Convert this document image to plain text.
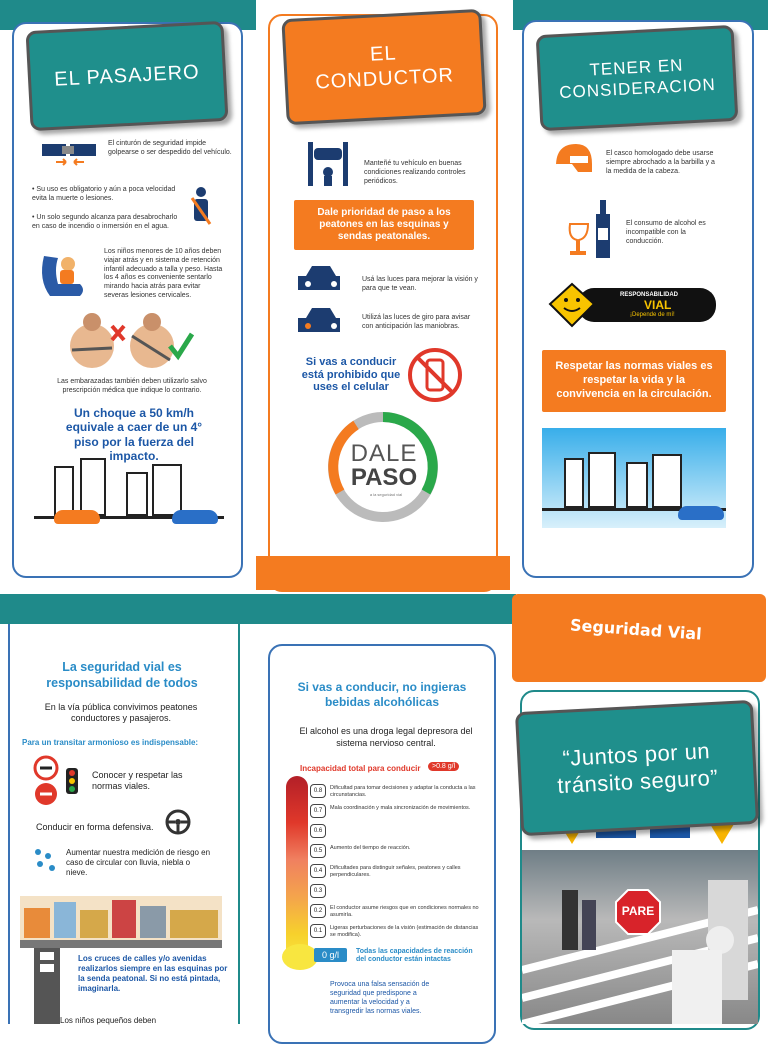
EL PASAJERO
El cinturón de seguridad impide golpearse o ser despedido del vehículo.
• Su uso es obligatorio y aún a poca velocidad evita la muerte o lesiones.
• Un solo segundo alcanza para desabrocharlo en caso de incendio o inmersión en el agua.
Los niños menores de 10 años deben viajar atrás y en sistema de retención infantil adecuado a talla y peso. Hasta los 4 años es conveniente sentarlo mirando hacia atrás para evitar severas lesiones cervicales.
Las embarazadas también deben utilizarlo salvo prescripción médica que indique lo contrario.
Un choque a 50 km/h equivale a caer de un 4° piso por la fuerza del impacto.
EL CONDUCTOR
Manteñé tu vehículo en buenas condiciones realizando controles periódicos.
Dale prioridad de paso a los peatones en las esquinas y sendas peatonales.
Usá las luces para mejorar la visión y para que te vean.
Utilizá las luces de giro para avisar con anticipación las maniobras.
Si vas a conducir está prohibido que uses el celular
DALE
PASO
a la seguridad vial
TENER EN CONSIDERACION
El casco homologado debe usarse siempre abrochado a la barbilla y a la medida de la cabeza.
El consumo de alcohol es incompatible con la conducción.
RESPONSABILIDAD
VIAL
¡Depende de mí!
Respetar las normas viales es respetar la vida y la convivencia en la circulación.
La seguridad vial es responsabilidad de todos
En la vía pública convivimos peatones conductores y pasajeros.
Para un transitar armonioso es indispensable:
Conocer y respetar las normas viales.
Conducir en forma defensiva.
Aumentar nuestra medición de riesgo en caso de circular con lluvia, niebla o nieve.
Los cruces de calles y/o avenidas realizarlos siempre en las esquinas por la senda peatonal. Si no está pintada, imaginarla.
Los niños pequeños deben
Si vas a conducir, no ingieras bebidas alcohólicas
El alcohol es una droga legal depresora del sistema nervioso central.
Incapacidad total para conducir	>0.8 g/l
0.8	Dificultad para tomar decisiones y adaptar la conducta a las circunstancias.
0.7	Mala coordinación y mala sincronización de movimientos.
0.6
0.5	Aumento del tiempo de reacción.
0.4	Dificultades para distinguir señales, peatones y calles perpendiculares.
0.3
0.2	El conductor asume riesgos que en condiciones normales no asumiría.
0.1	Ligeras perturbaciones de la visión (estimación de distancias se modifica).
0 g/l	Todas las capacidades de reacción del conductor están intactas
Provoca una falsa sensación de seguridad que predispone a aumentar la velocidad y a transgredir las normas viales.
Seguridad Vial
PARE
“Juntos por un tránsito seguro”
